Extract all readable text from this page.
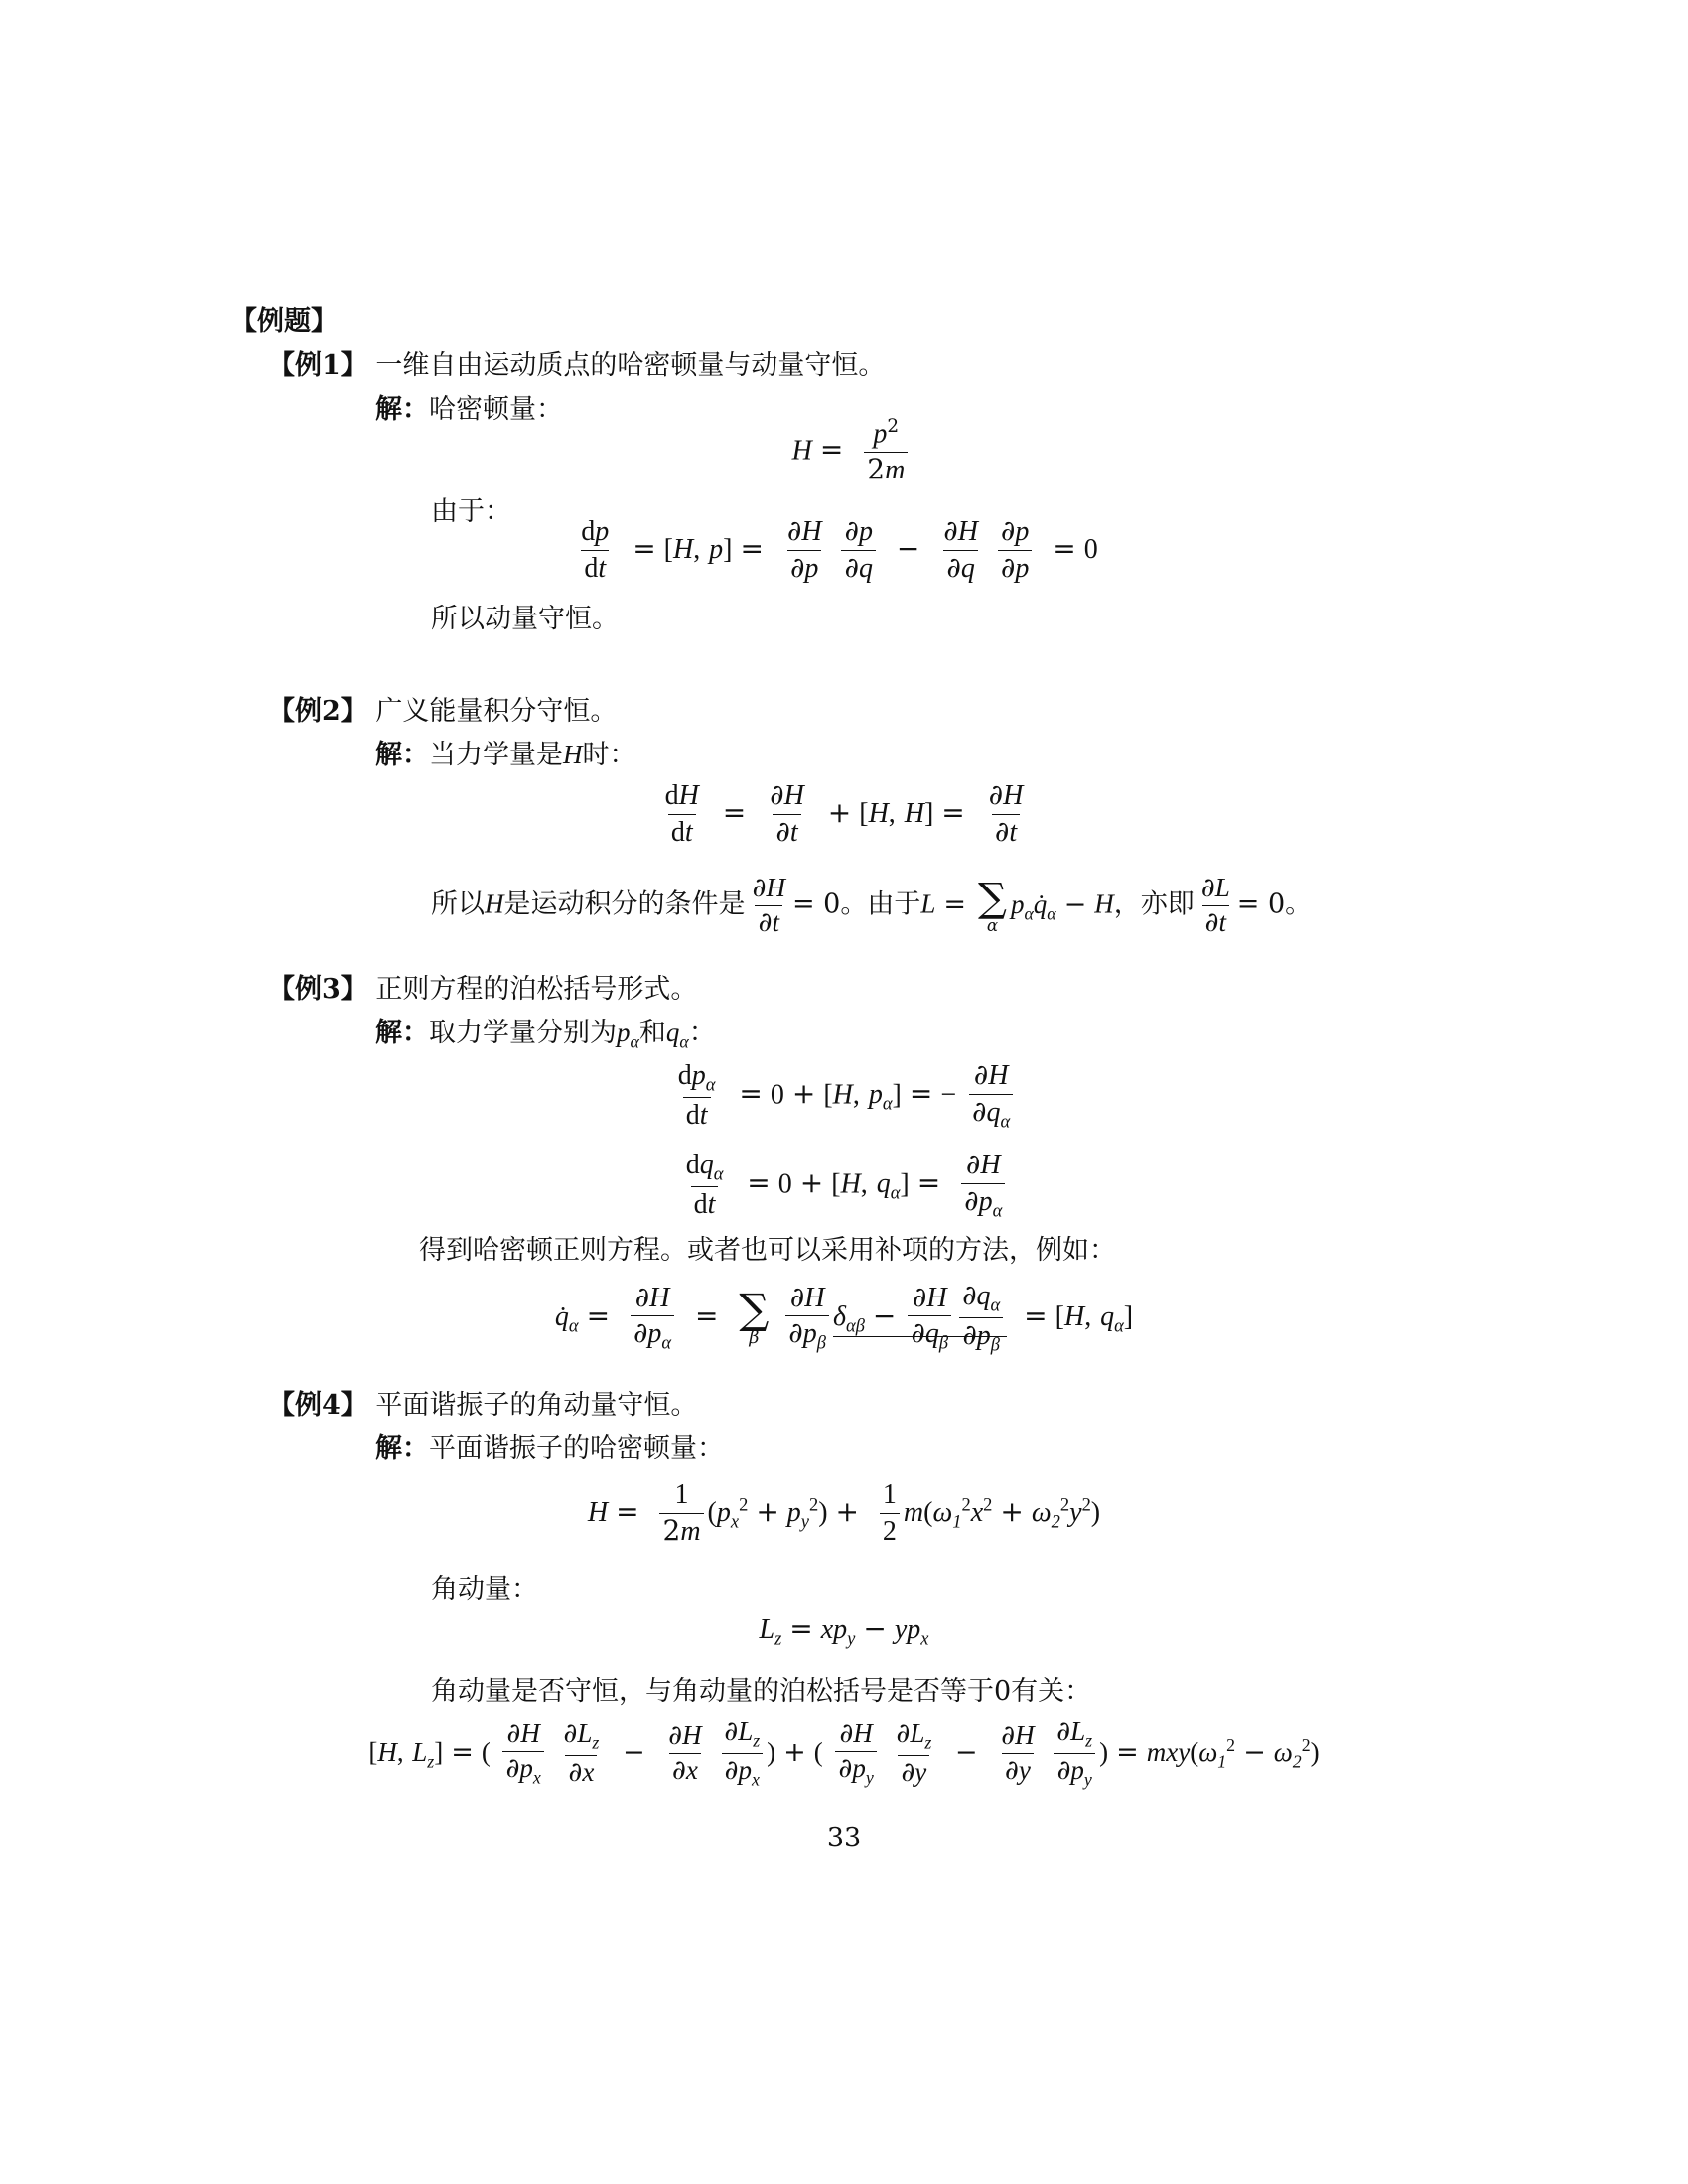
【例题】
【例1】 一维自由运动质点的哈密顿量与动量守恒。
解：哈密顿量：
$H = \frac{p^2}{2m}$
由于：
$\frac{dp}{dt} = [H$, $p] = \frac{\partial H}{\partial p}$
$\frac{\partial p}{\partial q} - \frac{\partial H}{\partial q}$
$\frac{\partial p}{\partial p} = 0$
所以动量守恒。
【例2】 广义能量积分守恒。
解：当力学量是H时：
$\frac{dH}{dt} = \frac{\partial H}{\partial t} + [H$, $H] = \frac{\partial H}{\partial t}$
所以H是运动积分的条件是 $\frac{\partial H}{\partial t} = 0$。由于L = ∑
α
$p_\alpha q̇_\alpha - H$，亦即 $\frac{\partial L}{\partial t} = 0$。
【例3】 正则方程的泊松括号形式。
解：取力学量分别为$p_\alpha$和$q_\alpha$：
$\frac{dp_\alpha}{dt} = 0 + [H$, $p_\alpha$] = − $\frac{\partial H}{\partial q_\alpha}$
$\frac{dq_\alpha}{dt} = 0 + [H$, $q_\alpha] = \frac{\partial H}{\partial p_\alpha}$
得到哈密顿正则方程。或者也可以采用补项的方法，例如：
$q̇_\alpha = \frac{\partial H}{\partial p_\alpha}$ = ∑
β
$\frac{\partial H}{\partial p_\beta} \delta_{\alpha\beta} - \frac{\partial H}{\partial q_\beta} \frac{\partial q_\alpha}{\partial p_\beta} = [H$, $q_\alpha$]
【例4】 平面谐振子的角动量守恒。
解：平面谐振子的哈密顿量：
$H = \frac{1}{2m} (p_x^2 + p_y^2) + \frac{1}{2} m(\omega_1^2x^2 + \omega_2^2y^2)$
角动量：
$L_z = xp_y - yp_x$
角动量是否守恒，与角动量的泊松括号是否等于0有关：
[H, $L_z$] = ( $\frac{\partial H}{\partial p_x}$
$\frac{\partial L_z}{\partial x} - \frac{\partial H}{\partial x}$
$\frac{\partial L_z}{\partial p_x}$ ) + ( $\frac{\partial H}{\partial p_y}$
$\frac{\partial L_z}{\partial y} - \frac{\partial H}{\partial y}$
$\frac{\partial L_z}{\partial p_y}$ ) = $mxy(\omega_1^2 - \omega_2^2)$
33
